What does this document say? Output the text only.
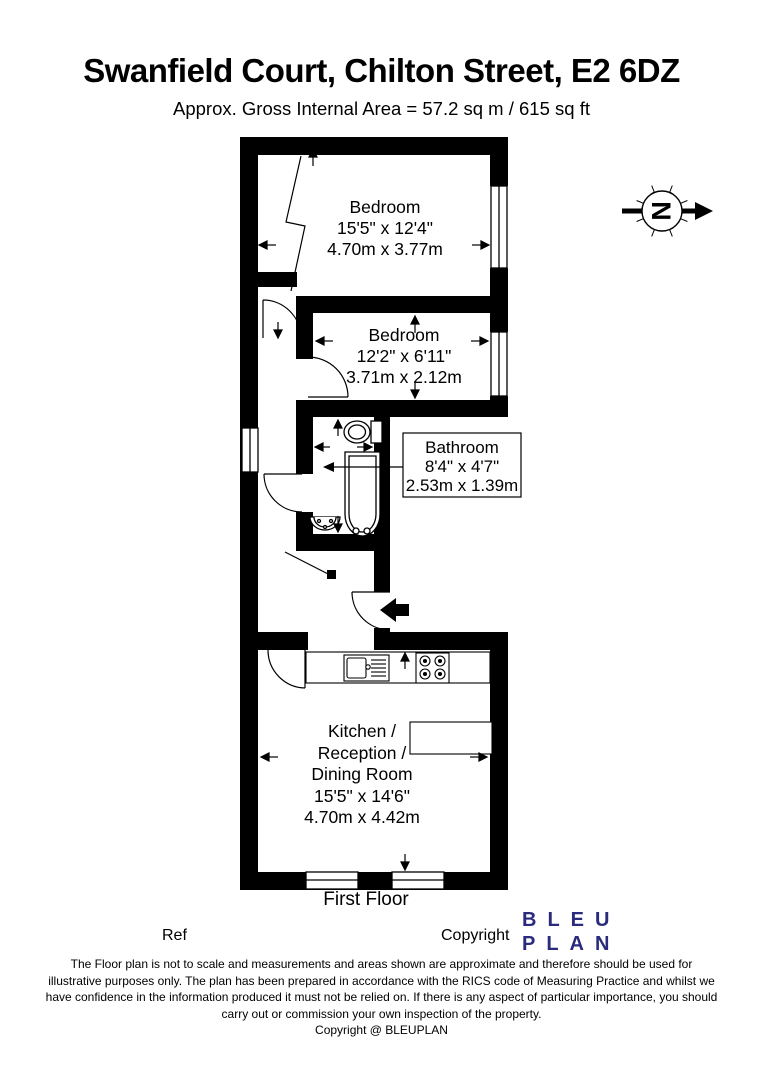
Swanfield Court, Chilton Street, E2 6DZ
Approx. Gross Internal Area = 57.2 sq m / 615 sq ft
Bedroom
15'5" x 12'4"
4.70m x 3.77m
Bedroom
12'2" x 6'11"
3.71m x 2.12m
Bathroom
8'4" x 4'7"
2.53m x 1.39m
Kitchen /
Reception /
Dining Room
15'5" x 14'6"
4.70m x 4.42m
First Floor
N
Ref	Copyright
BLEU
PLAN
The Floor plan is not to scale and measurements and areas shown are approximate and therefore should be used for
illustrative purposes only. The plan has been prepared in accordance with the RICS code of Measuring Practice and whilst we
have confidence in the information produced it must not be relied on. If there is any aspect of particular importance, you should
carry out or commission your own inspection of the property.
Copyright @ BLEUPLAN
